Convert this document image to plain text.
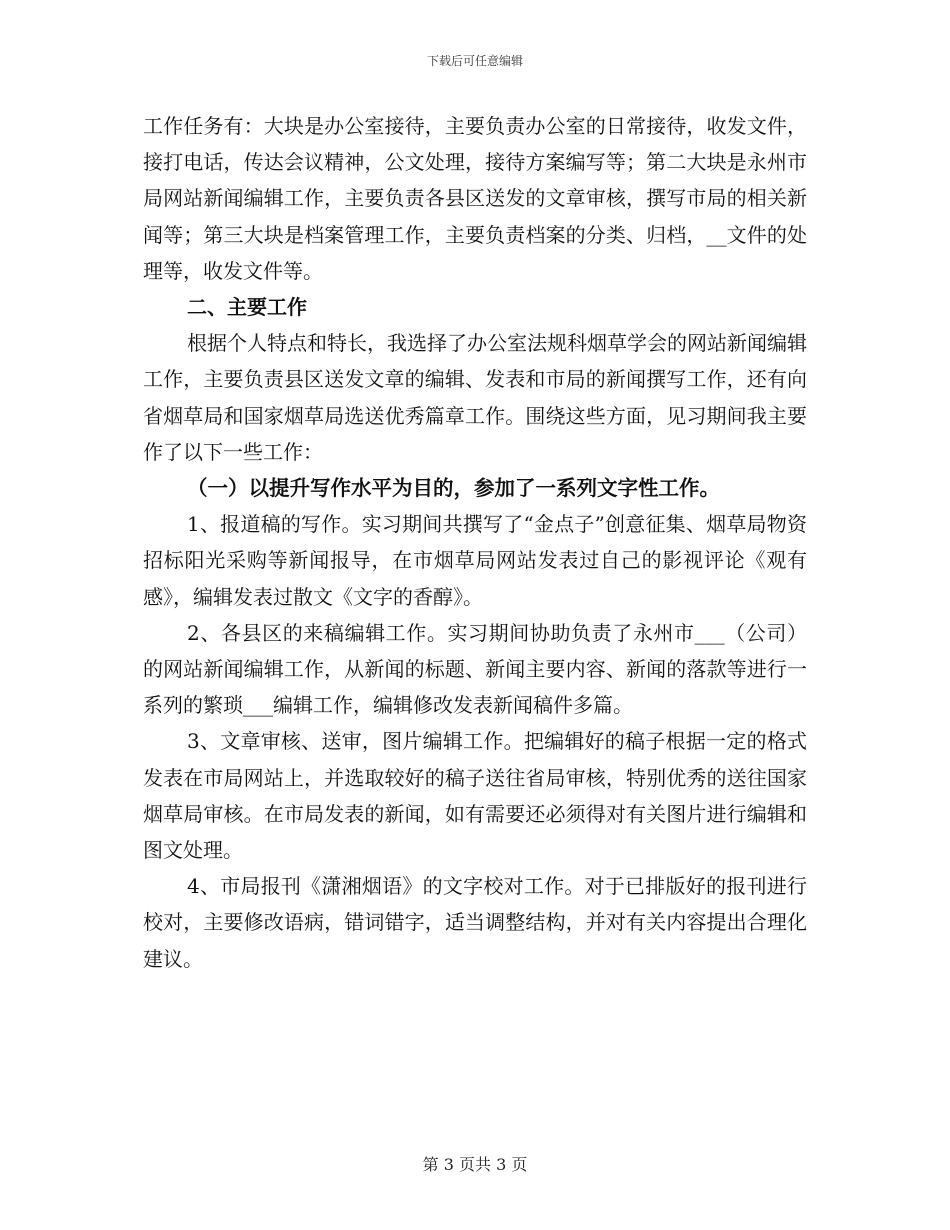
下载后可任意编辑

工作任务有：大块是办公室接待，主要负责办公室的日常接待，收发文件，接打电话，传达会议精神，公文处理，接待方案编写等；第二大块是永州市局网站新闻编辑工作，主要负责各县区送发的文章审核，撰写市局的相关新闻等；第三大块是档案管理工作，主要负责档案的分类、归档，__文件的处理等，收发文件等。

二、主要工作

根据个人特点和特长，我选择了办公室法规科烟草学会的网站新闻编辑工作，主要负责县区送发文章的编辑、发表和市局的新闻撰写工作，还有向省烟草局和国家烟草局选送优秀篇章工作。围绕这些方面，见习期间我主要作了以下一些工作：

（一）以提升写作水平为目的，参加了一系列文字性工作。

1、报道稿的写作。实习期间共撰写了“金点子”创意征集、烟草局物资招标阳光采购等新闻报导，在市烟草局网站发表过自己的影视评论《观有感》，编辑发表过散文《文字的香醇》。

2、各县区的来稿编辑工作。实习期间协助负责了永州市___（公司）的网站新闻编辑工作，从新闻的标题、新闻主要内容、新闻的落款等进行一系列的繁琐___编辑工作，编辑修改发表新闻稿件多篇。

3、文章审核、送审，图片编辑工作。把编辑好的稿子根据一定的格式发表在市局网站上，并选取较好的稿子送往省局审核，特别优秀的送往国家烟草局审核。在市局发表的新闻，如有需要还必须得对有关图片进行编辑和图文处理。

4、市局报刊《潇湘烟语》的文字校对工作。对于已排版好的报刊进行校对，主要修改语病，错词错字，适当调整结构，并对有关内容提出合理化建议。

第 3 页共 3 页
